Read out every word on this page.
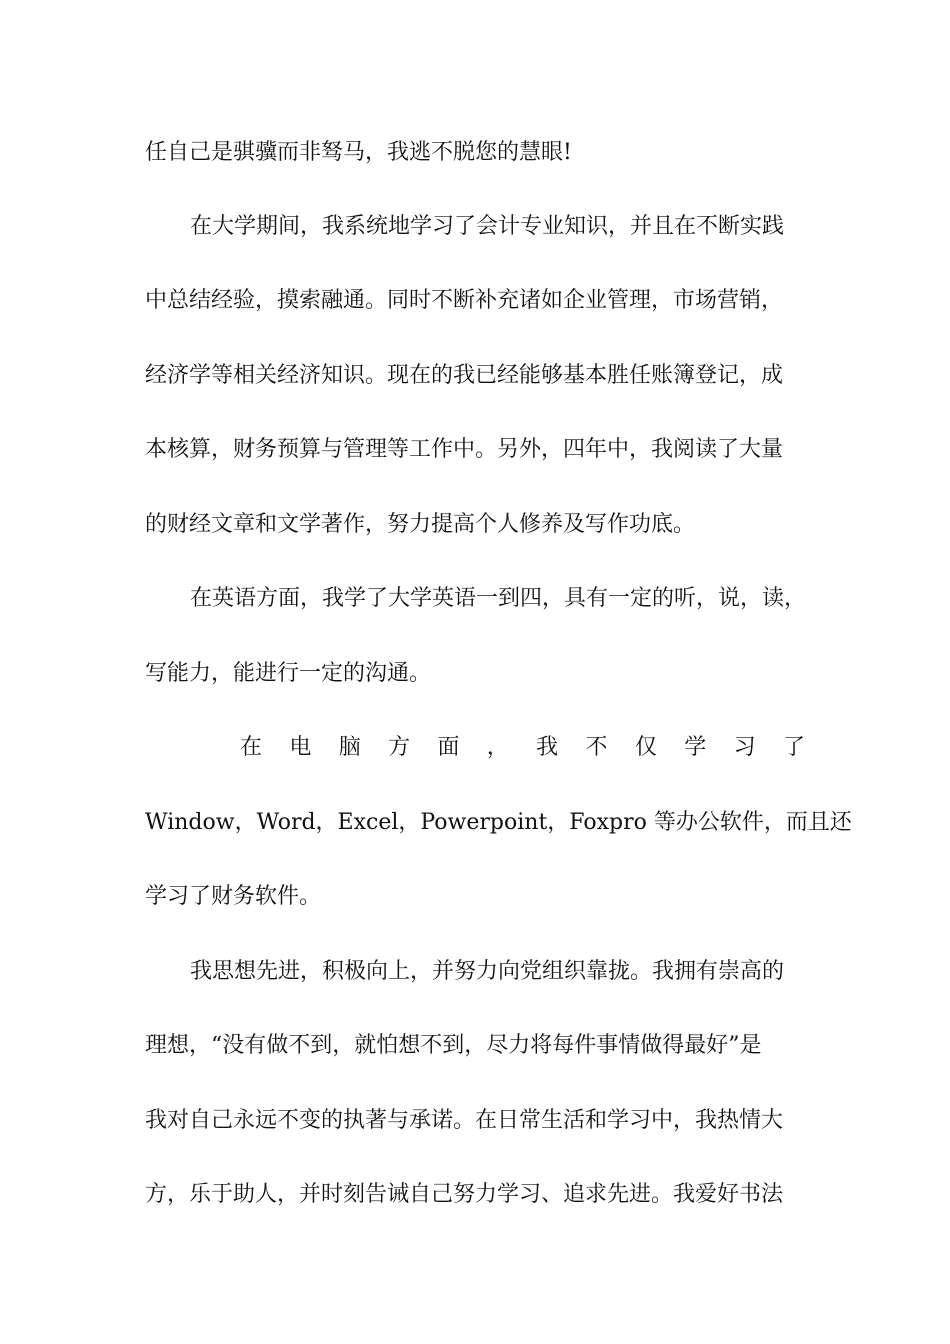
任自己是骐骥而非驽马，我逃不脱您的慧眼!
在大学期间，我系统地学习了会计专业知识，并且在不断实践
中总结经验，摸索融通。同时不断补充诸如企业管理，市场营销，
经济学等相关经济知识。现在的我已经能够基本胜任账簿登记，成
本核算，财务预算与管理等工作中。另外，四年中，我阅读了大量
的财经文章和文学著作，努力提高个人修养及写作功底。
在英语方面，我学了大学英语一到四，具有一定的听，说，读，
写能力，能进行一定的沟通。
在 电 脑 方 面 ， 我 不 仅 学 习 了
Window，Word，Excel，Powerpoint，Foxpro 等办公软件，而且还
学习了财务软件。
我思想先进，积极向上，并努力向党组织靠拢。我拥有崇高的
理想，“没有做不到，就怕想不到，尽力将每件事情做得最好”是
我对自己永远不变的执著与承诺。在日常生活和学习中，我热情大
方，乐于助人，并时刻告诫自己努力学习、追求先进。我爱好书法
